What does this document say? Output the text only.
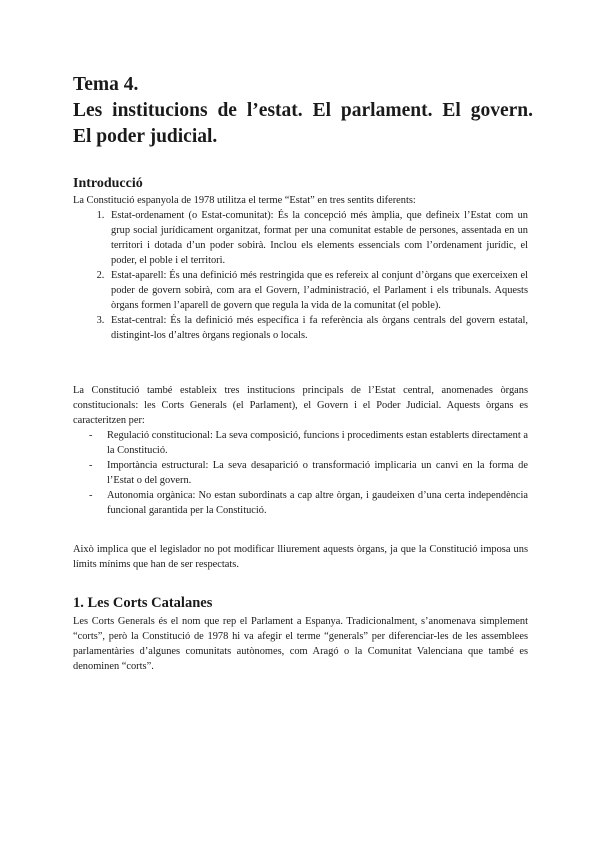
Tema 4.
Les institucions de l’estat. El parlament. El govern.
El poder judicial.
Introducció

La Constitució espanyola de 1978 utilitza el terme “Estat” en tres sentits diferents:

1. Estat-ordenament (o Estat-comunitat): És la concepció més àmplia, que defineix l’Estat com un grup social jurídicament organitzat, format per una comunitat estable de persones, assentada en un territori i dotada d’un poder sobirà. Inclou els elements essencials com l’ordenament jurídic, el poder, el poble i el territori.
2. Estat-aparell: És una definició més restringida que es refereix al conjunt d’òrgans que exerceixen el poder de govern sobirà, com ara el Govern, l’administració, el Parlament i els tribunals. Aquests òrgans formen l’aparell de govern que regula la vida de la comunitat (el poble).
3. Estat-central: És la definició més específica i fa referència als òrgans centrals del govern estatal, distingint-los d’altres òrgans regionals o locals.

La Constitució també estableix tres institucions principals de l’Estat central, anomenades òrgans constitucionals: les Corts Generals (el Parlament), el Govern i el Poder Judicial. Aquests òrgans es caracteritzen per:

- Regulació constitucional: La seva composició, funcions i procediments estan establerts directament a la Constitució.
- Importància estructural: La seva desaparició o transformació implicaria un canvi en la forma de l’Estat o del govern.
- Autonomia orgànica: No estan subordinats a cap altre òrgan, i gaudeixen d’una certa independència funcional garantida per la Constitució.

Això implica que el legislador no pot modificar lliurement aquests òrgans, ja que la Constitució imposa uns límits mínims que han de ser respectats.

1. Les Corts Catalanes

Les Corts Generals és el nom que rep el Parlament a Espanya. Tradicionalment, s’anomenava simplement “corts”, però la Constitució de 1978 hi va afegir el terme “generals” per diferenciar-les de les assemblees parlamentàries d’algunes comunitats autònomes, com Aragó o la Comunitat Valenciana que també es denominen “corts”.
